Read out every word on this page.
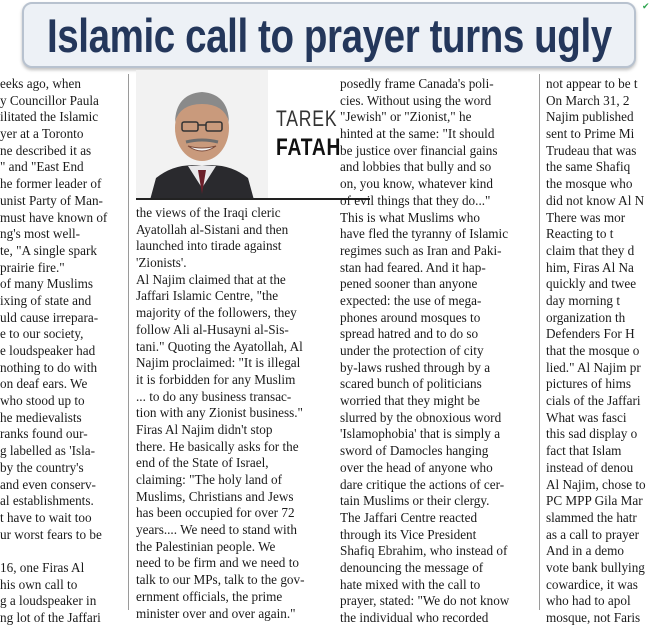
Islamic call to prayer turns ugly
✔
TAREK
FATAH
eeks ago, when
y Councillor Paula
ilitated the Islamic
yer at a Toronto
ne described it as
" and "East End
he former leader of
unist Party of Man-
must have known of
ng's most well-
te, "A single spark
prairie fire."
of many Muslims
ixing of state and
uld cause irrepara-
e to our society,
e loudspeaker had
nothing to do with
on deaf ears. We
who stood up to
he medievalists
ranks found our-
g labelled as 'Isla-
by the country's
and even conserv-
al establishments.
t have to wait too
ur worst fears to be
16, one Firas Al
his own call to
g a loudspeaker in
ng lot of the Jaffari
the views of the Iraqi cleric
Ayatollah al-Sistani and then
launched into tirade against
'Zionists'.
Al Najim claimed that at the
Jaffari Islamic Centre, "the
majority of the followers, they
follow Ali al-Husayni al-Sis-
tani." Quoting the Ayatollah, Al
Najim proclaimed: "It is illegal
it is forbidden for any Muslim
... to do any business transac-
tion with any Zionist business."
Firas Al Najim didn't stop
there. He basically asks for the
end of the State of Israel,
claiming: "The holy land of
Muslims, Christians and Jews
has been occupied for over 72
years.... We need to stand with
the Palestinian people. We
need to be firm and we need to
talk to our MPs, talk to the gov-
ernment officials, the prime
minister over and over again."
posedly frame Canada's poli-
cies. Without using the word
"Jewish" or "Zionist," he
hinted at the same: "It should
be justice over financial gains
and lobbies that bully and so
on, you know, whatever kind
of evil things that they do..."
This is what Muslims who
have fled the tyranny of Islamic
regimes such as Iran and Paki-
stan had feared. And it hap-
pened sooner than anyone
expected: the use of mega-
phones around mosques to
spread hatred and to do so
under the protection of city
by-laws rushed through by a
scared bunch of politicians
worried that they might be
slurred by the obnoxious word
'Islamophobia' that is simply a
sword of Damocles hanging
over the head of anyone who
dare critique the actions of cer-
tain Muslims or their clergy.
The Jaffari Centre reacted
through its Vice President
Shafiq Ebrahim, who instead of
denouncing the message of
hate mixed with the call to
prayer, stated: "We do not know
the individual who recorded
not appear to be t
On March 31, 2
Najim published
sent to Prime Mi
Trudeau that was
the same Shafiq
the mosque who
did not know Al N
There was mor
Reacting to t
claim that they d
him, Firas Al Na
quickly and twee
day morning t
organization th
Defenders For H
that the mosque o
lied." Al Najim pr
pictures of hims
cials of the Jaffari
What was fasci
this sad display o
fact that Islam
instead of denou
Al Najim, chose to
PC MPP Gila Mar
slammed the hatr
as a call to prayer
And in a demo
vote bank bullying
cowardice, it was
who had to apol
mosque, not Faris
